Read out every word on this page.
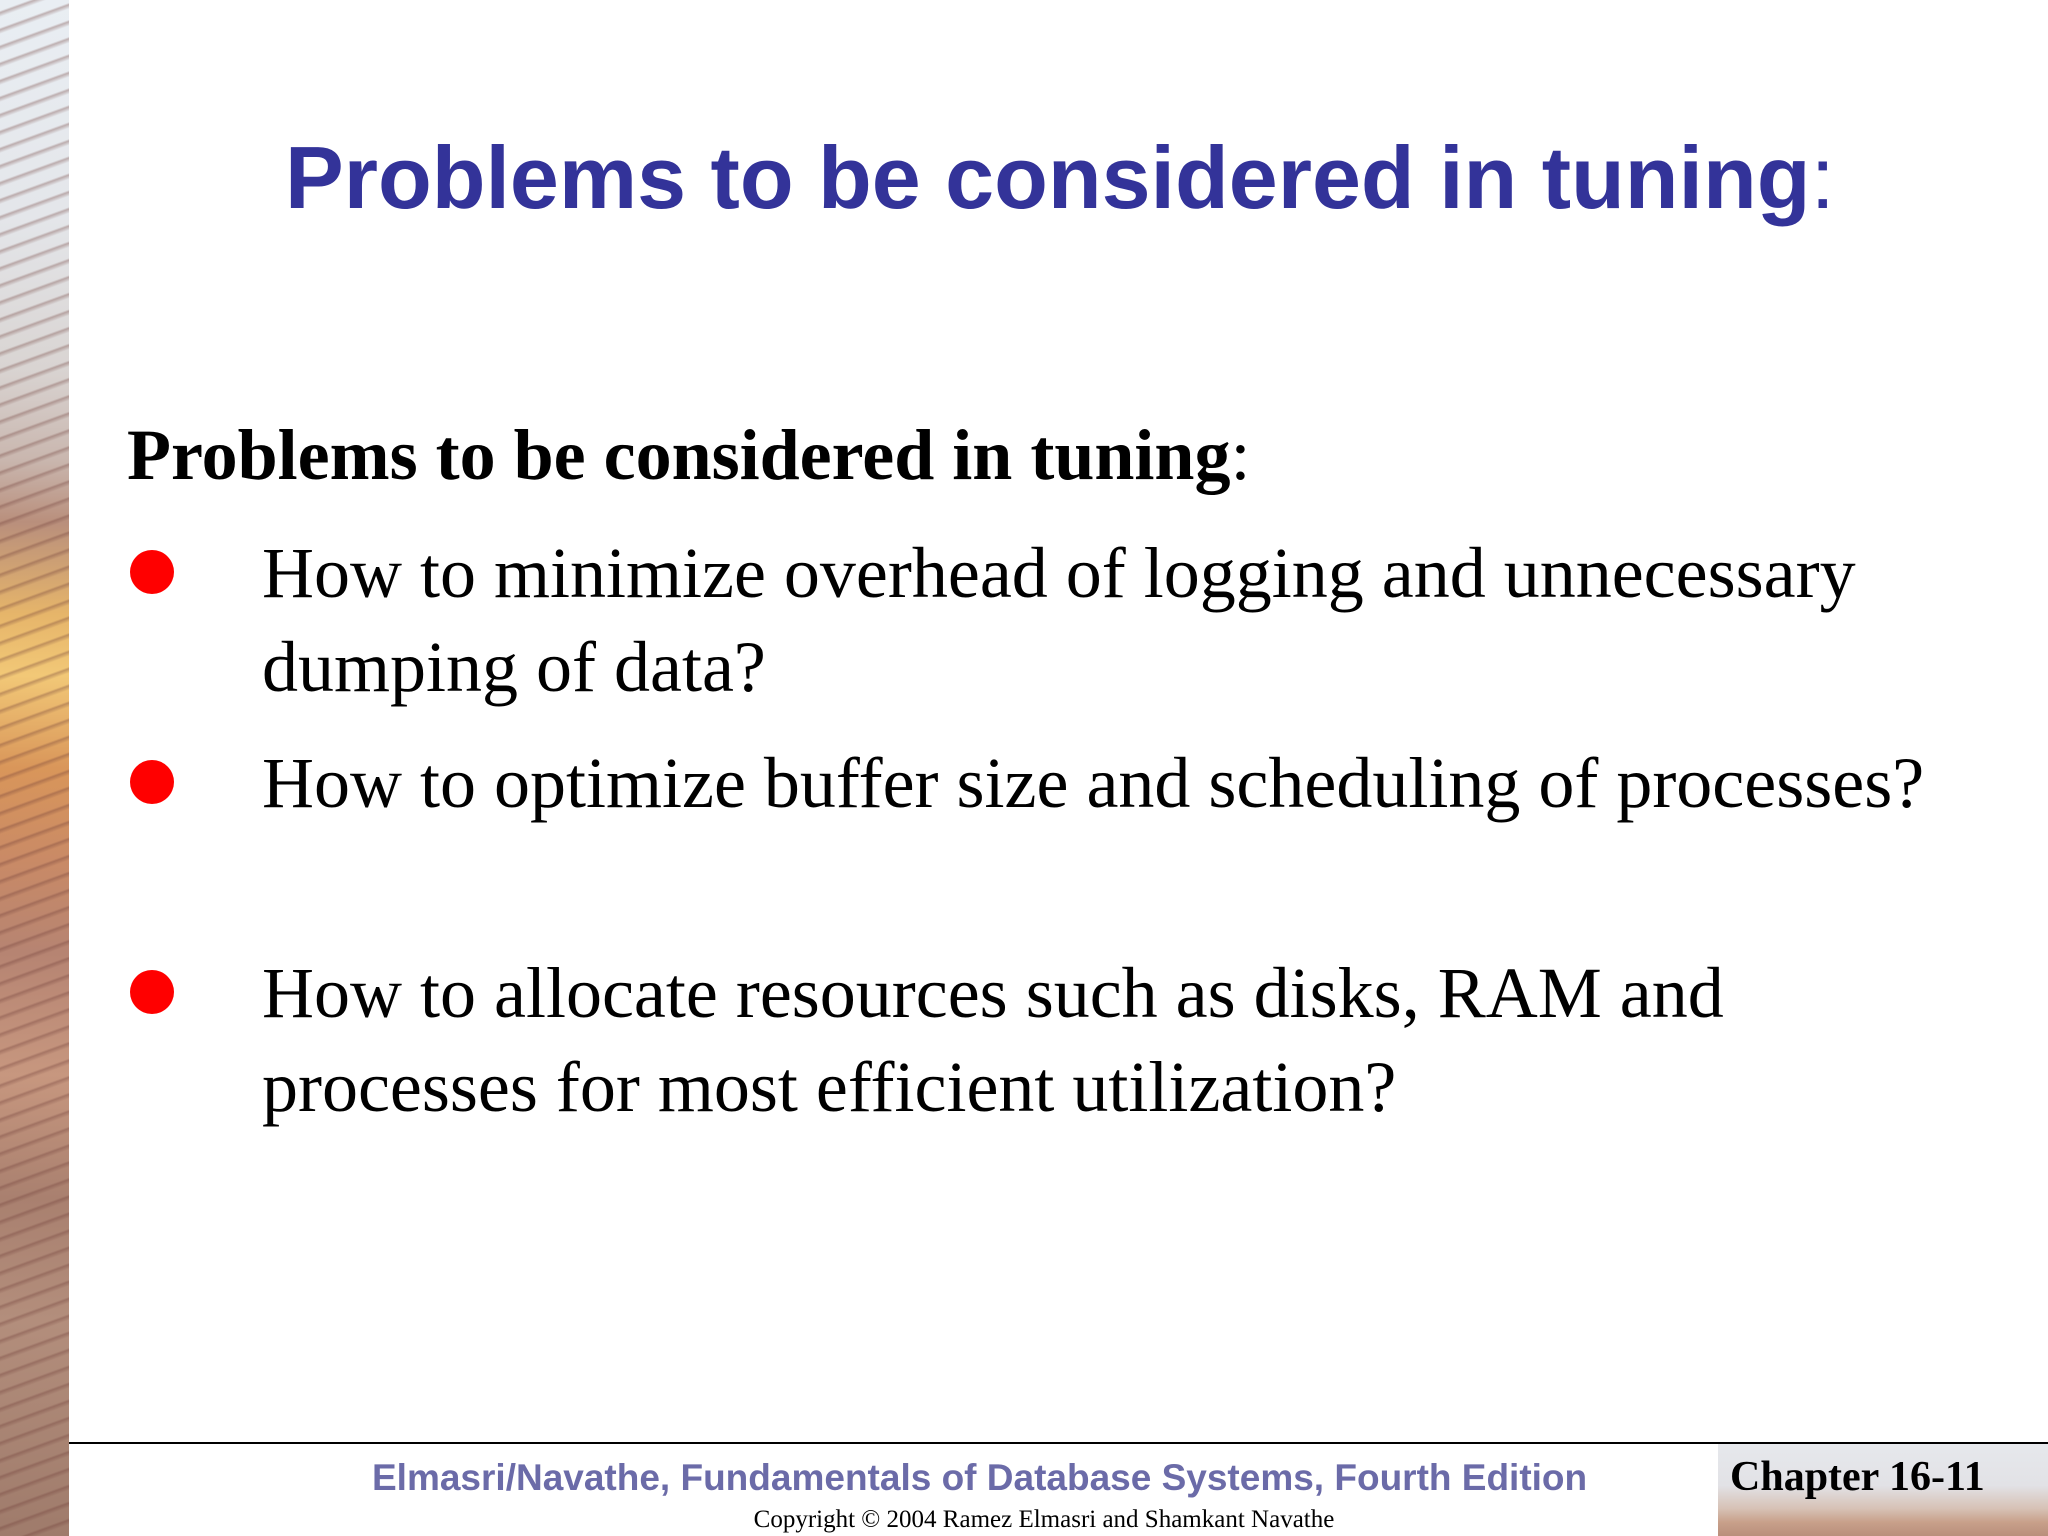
Problems to be considered in tuning:
Problems to be considered in tuning:
How to minimize overhead of logging and unnecessary dumping of data?
How to optimize buffer size and scheduling of processes?
How to allocate resources such as disks, RAM and processes for most efficient utilization?
Elmasri/Navathe, Fundamentals of Database Systems, Fourth Edition	Chapter 16-11
Copyright © 2004 Ramez Elmasri and Shamkant Navathe
